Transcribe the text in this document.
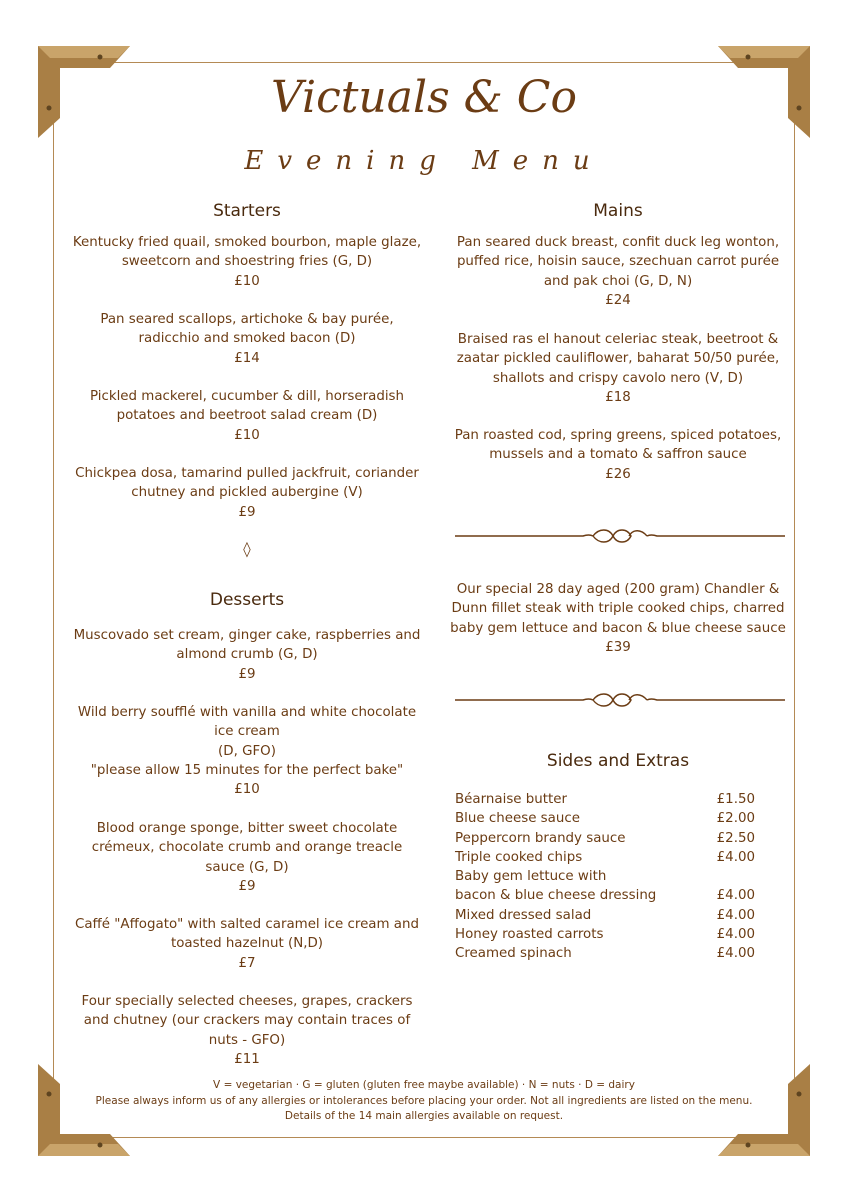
Victuals & Co
Evening Menu
Starters
Kentucky fried quail, smoked bourbon, maple glaze, sweetcorn and shoestring fries (G, D)
£10
Pan seared scallops, artichoke & bay purée, radicchio and smoked bacon (D)
£14
Pickled mackerel, cucumber & dill, horseradish potatoes and beetroot salad cream (D)
£10
Chickpea dosa, tamarind pulled jackfruit, coriander chutney and pickled aubergine (V)
£9
◊
Desserts
Muscovado set cream, ginger cake, raspberries and almond crumb (G, D)
£9
Wild berry soufflé with vanilla and white chocolate ice cream
(D, GFO)
"please allow 15 minutes for the perfect bake"
£10
Blood orange sponge, bitter sweet chocolate crémeux, chocolate crumb and orange treacle sauce (G, D)
£9
Caffé "Affogato" with salted caramel ice cream and toasted hazelnut (N,D)
£7
Four specially selected cheeses, grapes, crackers and chutney (our crackers may contain traces of nuts - GFO)
£11
Mains
Pan seared duck breast, confit duck leg wonton, puffed rice, hoisin sauce, szechuan carrot purée and pak choi (G, D, N)
£24
Braised ras el hanout celeriac steak, beetroot & zaatar pickled cauliflower, baharat 50/50 purée, shallots and crispy cavolo nero (V, D)
£18
Pan roasted cod, spring greens, spiced potatoes, mussels and a tomato & saffron sauce
£26
Our special 28 day aged (200 gram) Chandler & Dunn fillet steak with triple cooked chips, charred baby gem lettuce and bacon & blue cheese sauce
£39
Sides and Extras
Béarnaise butter	£1.50
Blue cheese sauce	£2.00
Peppercorn brandy sauce	£2.50
Triple cooked chips	£4.00
Baby gem lettuce with
bacon & blue cheese dressing	£4.00
Mixed dressed salad	£4.00
Honey roasted carrots	£4.00
Creamed spinach	£4.00
V = vegetarian · G = gluten (gluten free maybe available) · N = nuts · D = dairy
Please always inform us of any allergies or intolerances before placing your order. Not all ingredients are listed on the menu.
Details of the 14 main allergies available on request.
